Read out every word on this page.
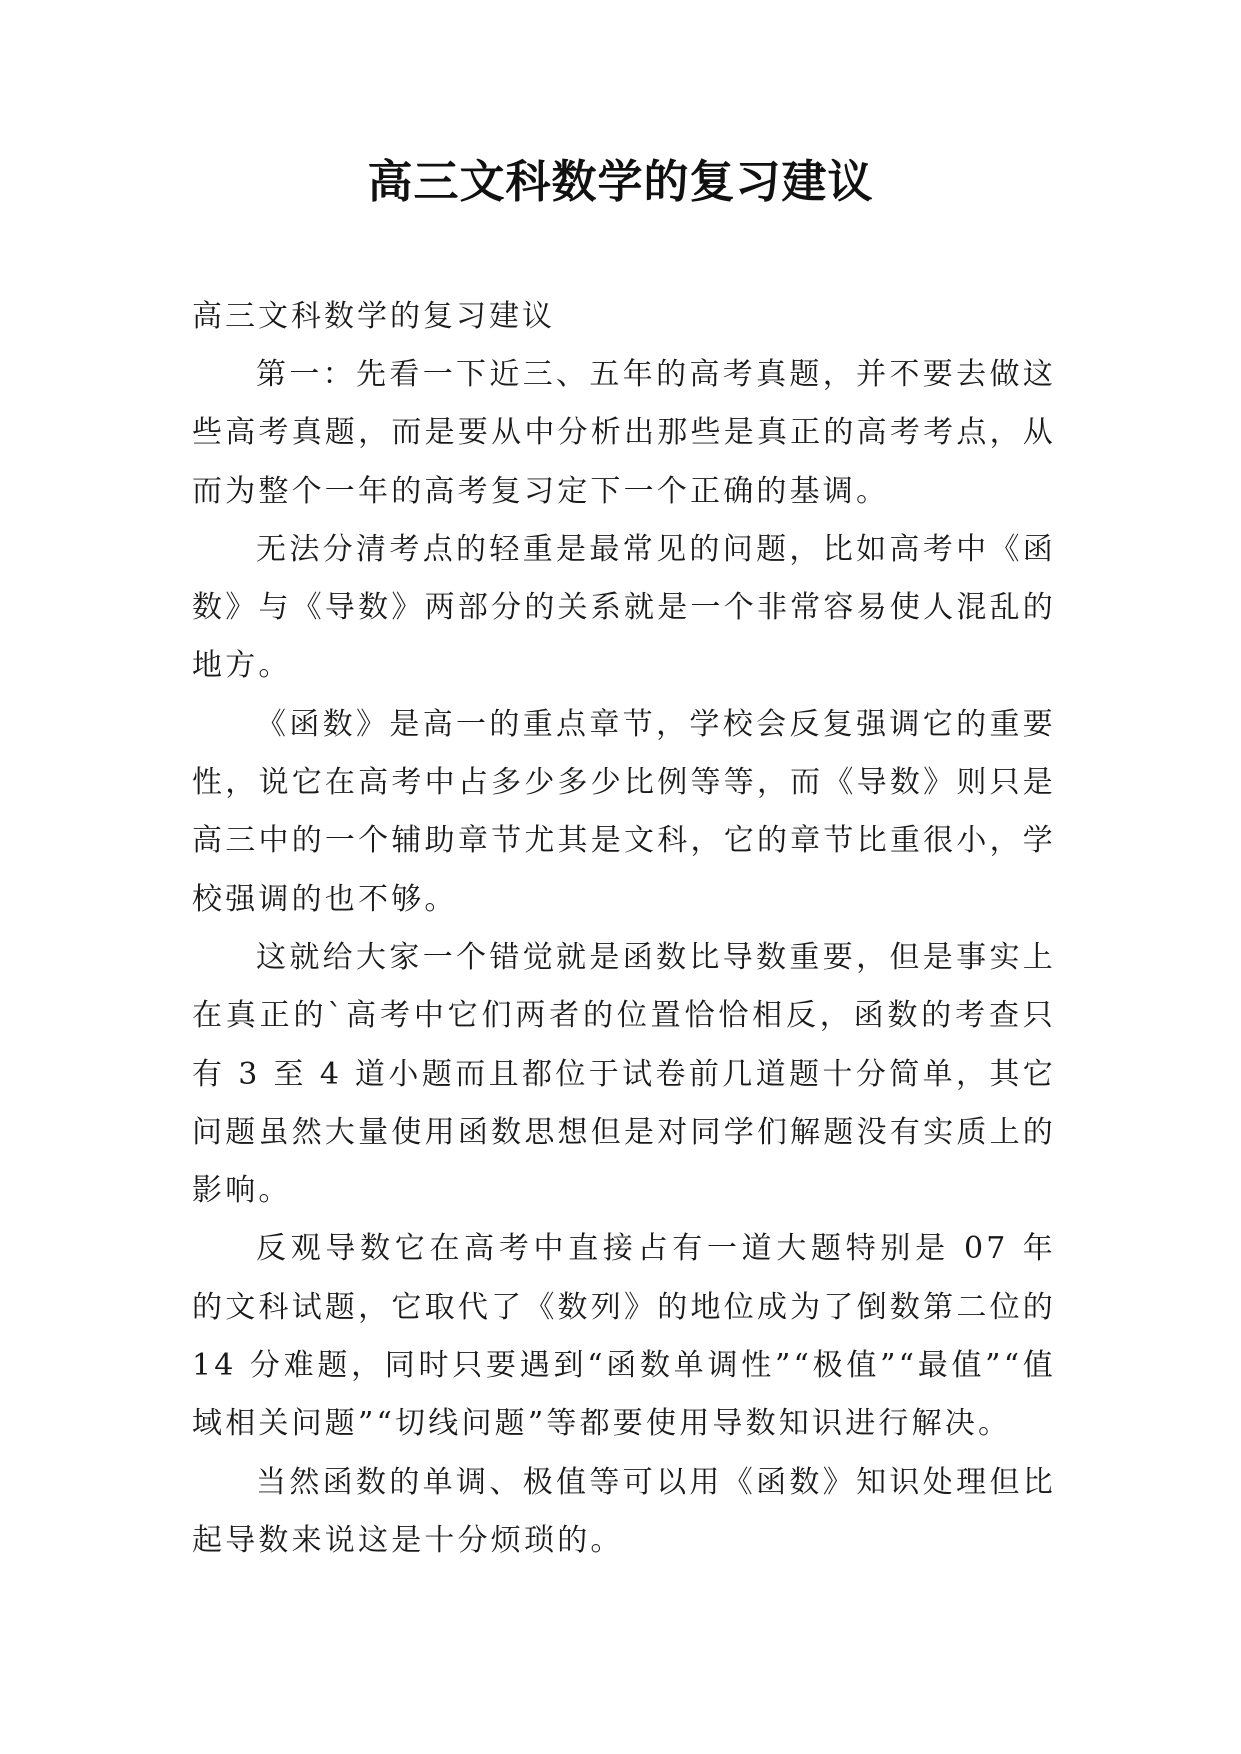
高三文科数学的复习建议

高三文科数学的复习建议

第一：先看一下近三、五年的高考真题，并不要去做这些高考真题，而是要从中分析出那些是真正的高考考点，从而为整个一年的高考复习定下一个正确的基调。

无法分清考点的轻重是最常见的问题，比如高考中《函数》与《导数》两部分的关系就是一个非常容易使人混乱的地方。

《函数》是高一的重点章节，学校会反复强调它的重要性，说它在高考中占多少多少比例等等，而《导数》则只是高三中的一个辅助章节尤其是文科，它的章节比重很小，学校强调的也不够。

这就给大家一个错觉就是函数比导数重要，但是事实上在真正的`高考中它们两者的位置恰恰相反，函数的考查只有 3 至 4 道小题而且都位于试卷前几道题十分简单，其它问题虽然大量使用函数思想但是对同学们解题没有实质上的影响。

反观导数它在高考中直接占有一道大题特别是 07 年的文科试题，它取代了《数列》的地位成为了倒数第二位的 14 分难题，同时只要遇到“函数单调性”“极值”“最值”“值域相关问题”“切线问题”等都要使用导数知识进行解决。

当然函数的单调、极值等可以用《函数》知识处理但比起导数来说这是十分烦琐的。
